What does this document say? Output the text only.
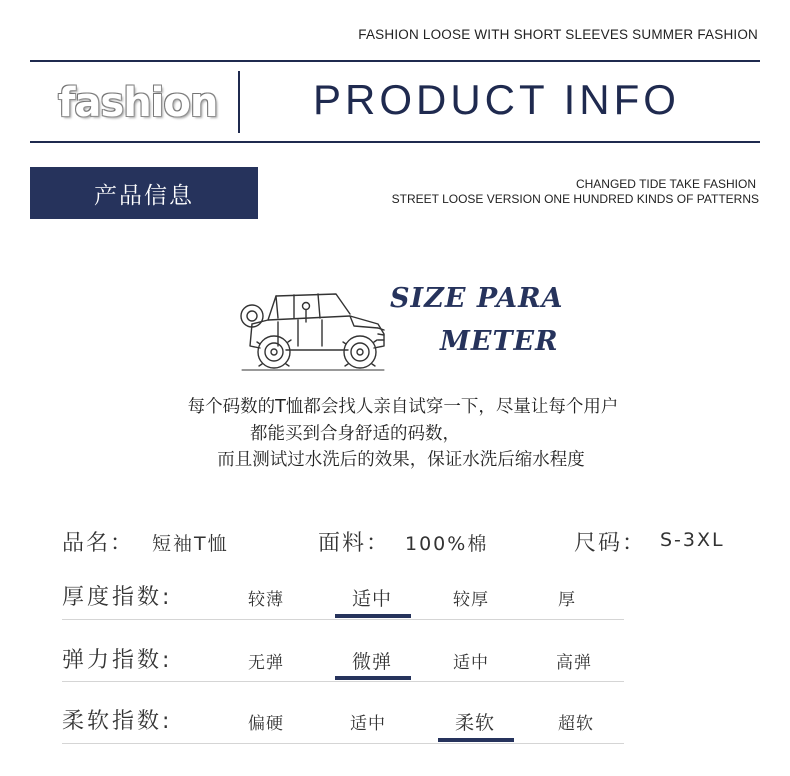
FASHION LOOSE WITH SHORT SLEEVES SUMMER FASHION
fashion PRODUCT INFO
产品信息	CHANGED TIDE TAKE FASHION
STREET LOOSE VERSION ONE HUNDRED KINDS OF PATTERNS
SIZE PARA
METER
每个码数的T恤都会找人亲自试穿一下，尽量让每个用户
都能买到合身舒适的码数，
而且测试过水洗后的效果，保证水洗后缩水程度
品名： 短袖T恤	面料： 100%棉	尺码： S-3XL
厚度指数:	较薄	适中	较厚	厚
弹力指数:	无弹	微弹	适中	高弹
柔软指数:	偏硬	适中	柔软	超软
